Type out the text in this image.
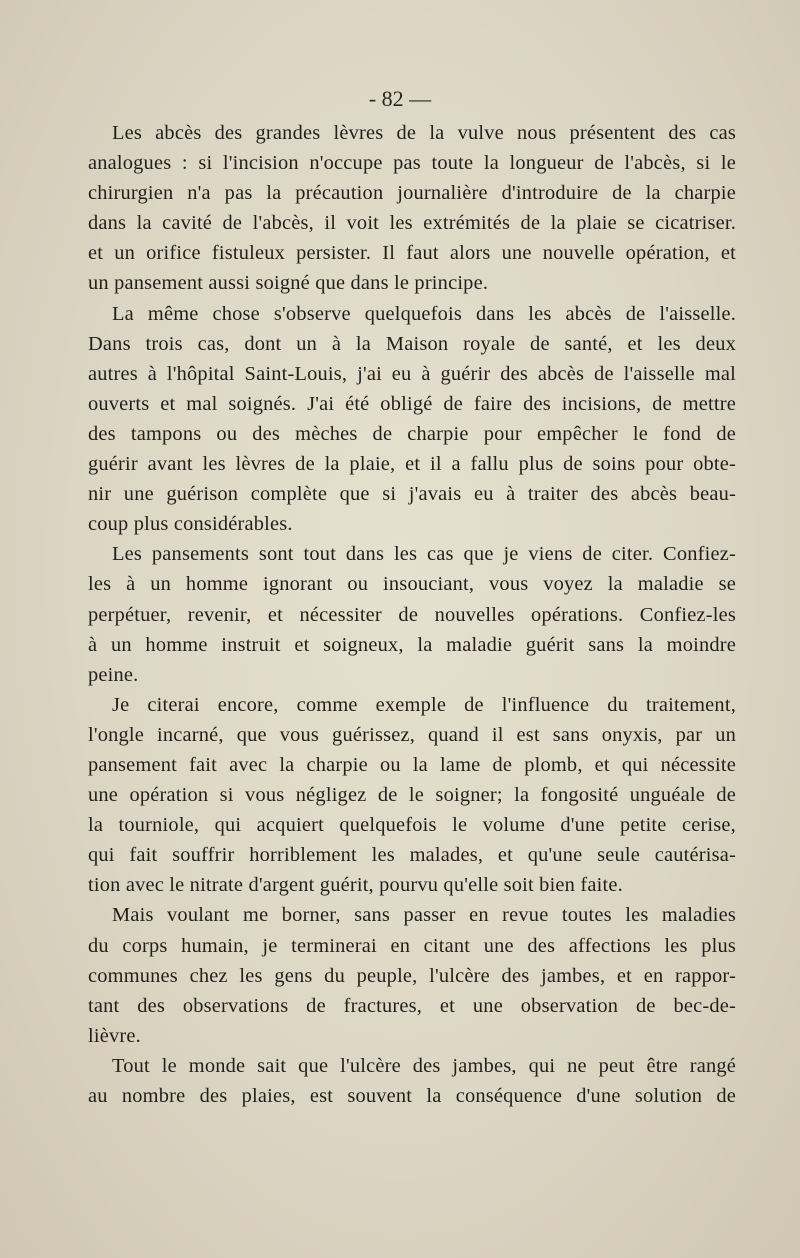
- 82 —
Les abcès des grandes lèvres de la vulve nous présentent des cas
analogues : si l'incision n'occupe pas toute la longueur de l'abcès, si le
chirurgien n'a pas la précaution journalière d'introduire de la charpie
dans la cavité de l'abcès, il voit les extrémités de la plaie se cicatriser.
et un orifice fistuleux persister. Il faut alors une nouvelle opération, et
un pansement aussi soigné que dans le principe.
La même chose s'observe quelquefois dans les abcès de l'aisselle.
Dans trois cas, dont un à la Maison royale de santé, et les deux
autres à l'hôpital Saint-Louis, j'ai eu à guérir des abcès de l'aisselle mal
ouverts et mal soignés. J'ai été obligé de faire des incisions, de mettre
des tampons ou des mèches de charpie pour empêcher le fond de
guérir avant les lèvres de la plaie, et il a fallu plus de soins pour obte-
nir une guérison complète que si j'avais eu à traiter des abcès beau-
coup plus considérables.
Les pansements sont tout dans les cas que je viens de citer. Confiez-
les à un homme ignorant ou insouciant, vous voyez la maladie se
perpétuer, revenir, et nécessiter de nouvelles opérations. Confiez-les
à un homme instruit et soigneux, la maladie guérit sans la moindre
peine.
Je citerai encore, comme exemple de l'influence du traitement,
l'ongle incarné, que vous guérissez, quand il est sans onyxis, par un
pansement fait avec la charpie ou la lame de plomb, et qui nécessite
une opération si vous négligez de le soigner; la fongosité unguéale de
la tourniole, qui acquiert quelquefois le volume d'une petite cerise,
qui fait souffrir horriblement les malades, et qu'une seule cautérisa-
tion avec le nitrate d'argent guérit, pourvu qu'elle soit bien faite.
Mais voulant me borner, sans passer en revue toutes les maladies
du corps humain, je terminerai en citant une des affections les plus
communes chez les gens du peuple, l'ulcère des jambes, et en rappor-
tant des observations de fractures, et une observation de bec-de-
lièvre.
Tout le monde sait que l'ulcère des jambes, qui ne peut être rangé
au nombre des plaies, est souvent la conséquence d'une solution de
